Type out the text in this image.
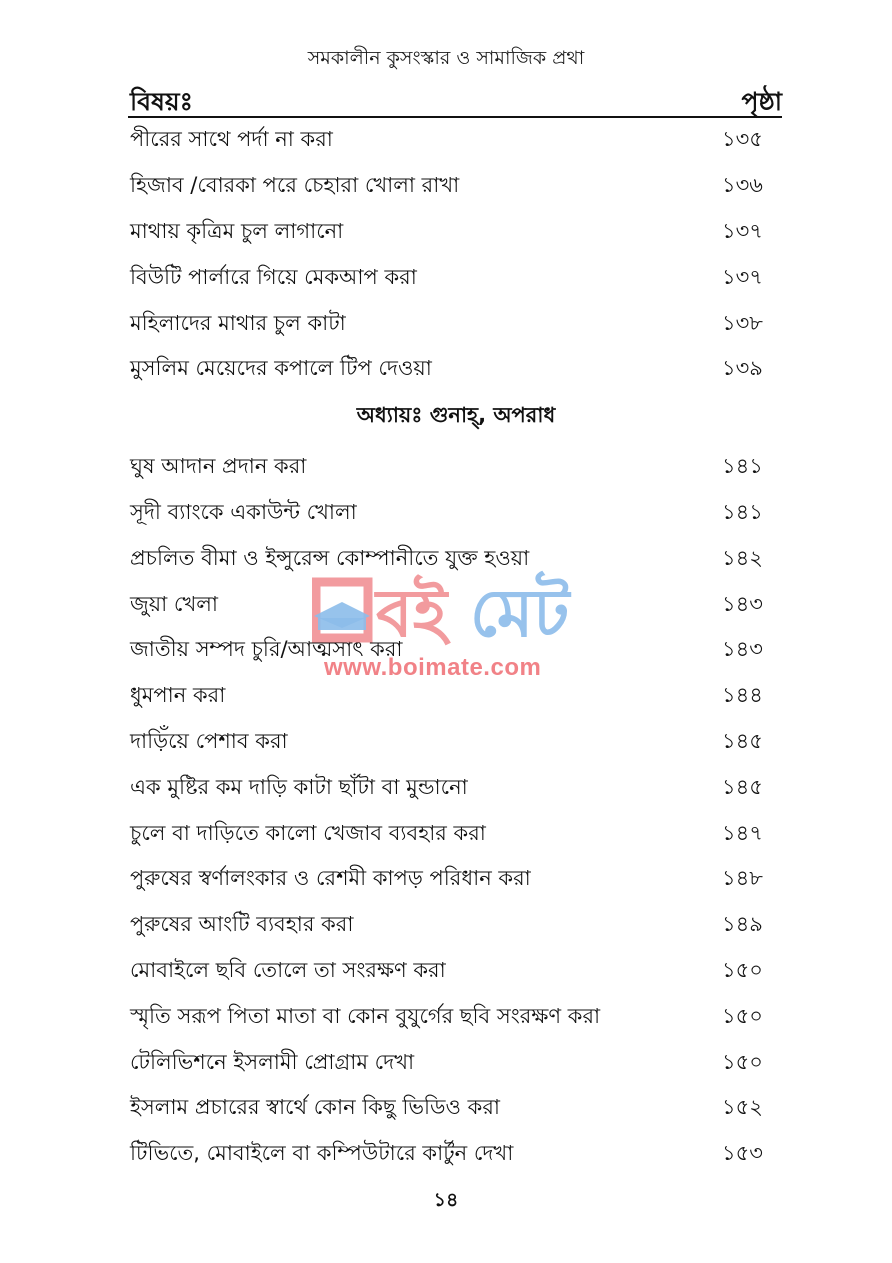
সমকালীন কুসংস্কার ও সামাজিক প্রথা
বিষয়ঃ	পৃষ্ঠা
পীরের সাথে পর্দা না করা	১৩৫
হিজাব /বোরকা পরে চেহারা খোলা রাখা	১৩৬
মাথায় কৃত্রিম চুল লাগানো	১৩৭
বিউটি পার্লারে গিয়ে মেকআপ করা	১৩৭
মহিলাদের মাথার চুল কাটা	১৩৮
মুসলিম মেয়েদের কপালে টিপ দেওয়া	১৩৯
অধ্যায়ঃ গুনাহ্, অপরাধ
ঘুষ আদান প্রদান করা	১৪১
সূদী ব্যাংকে একাউন্ট খোলা	১৪১
প্রচলিত বীমা ও ইন্সুরেন্স কোম্পানীতে যুক্ত হওয়া	১৪২
জুয়া খেলা	১৪৩
জাতীয় সম্পদ চুরি/আত্মসাৎ করা	১৪৩
ধুমপান করা	১৪৪
দাড়িঁয়ে পেশাব করা	১৪৫
এক মুষ্টির কম দাড়ি কাটা ছাঁটা বা মুন্ডানো	১৪৫
চুলে বা দাড়িতে কালো খেজাব ব্যবহার করা	১৪৭
পুরুষের স্বর্ণালংকার ও রেশমী কাপড় পরিধান করা	১৪৮
পুরুষের আংটি ব্যবহার করা	১৪৯
মোবাইলে ছবি তোলে তা সংরক্ষণ করা	১৫০
স্মৃতি সরূপ পিতা মাতা বা কোন বুযুর্গের ছবি সংরক্ষণ করা	১৫০
টেলিভিশনে ইসলামী প্রোগ্রাম দেখা	১৫০
ইসলাম প্রচারের স্বার্থে কোন কিছু ভিডিও করা	১৫২
টিভিতে, মোবাইলে বা কম্পিউটারে কার্টুন দেখা	১৫৩
বই মেট
www.boimate.com
১৪
